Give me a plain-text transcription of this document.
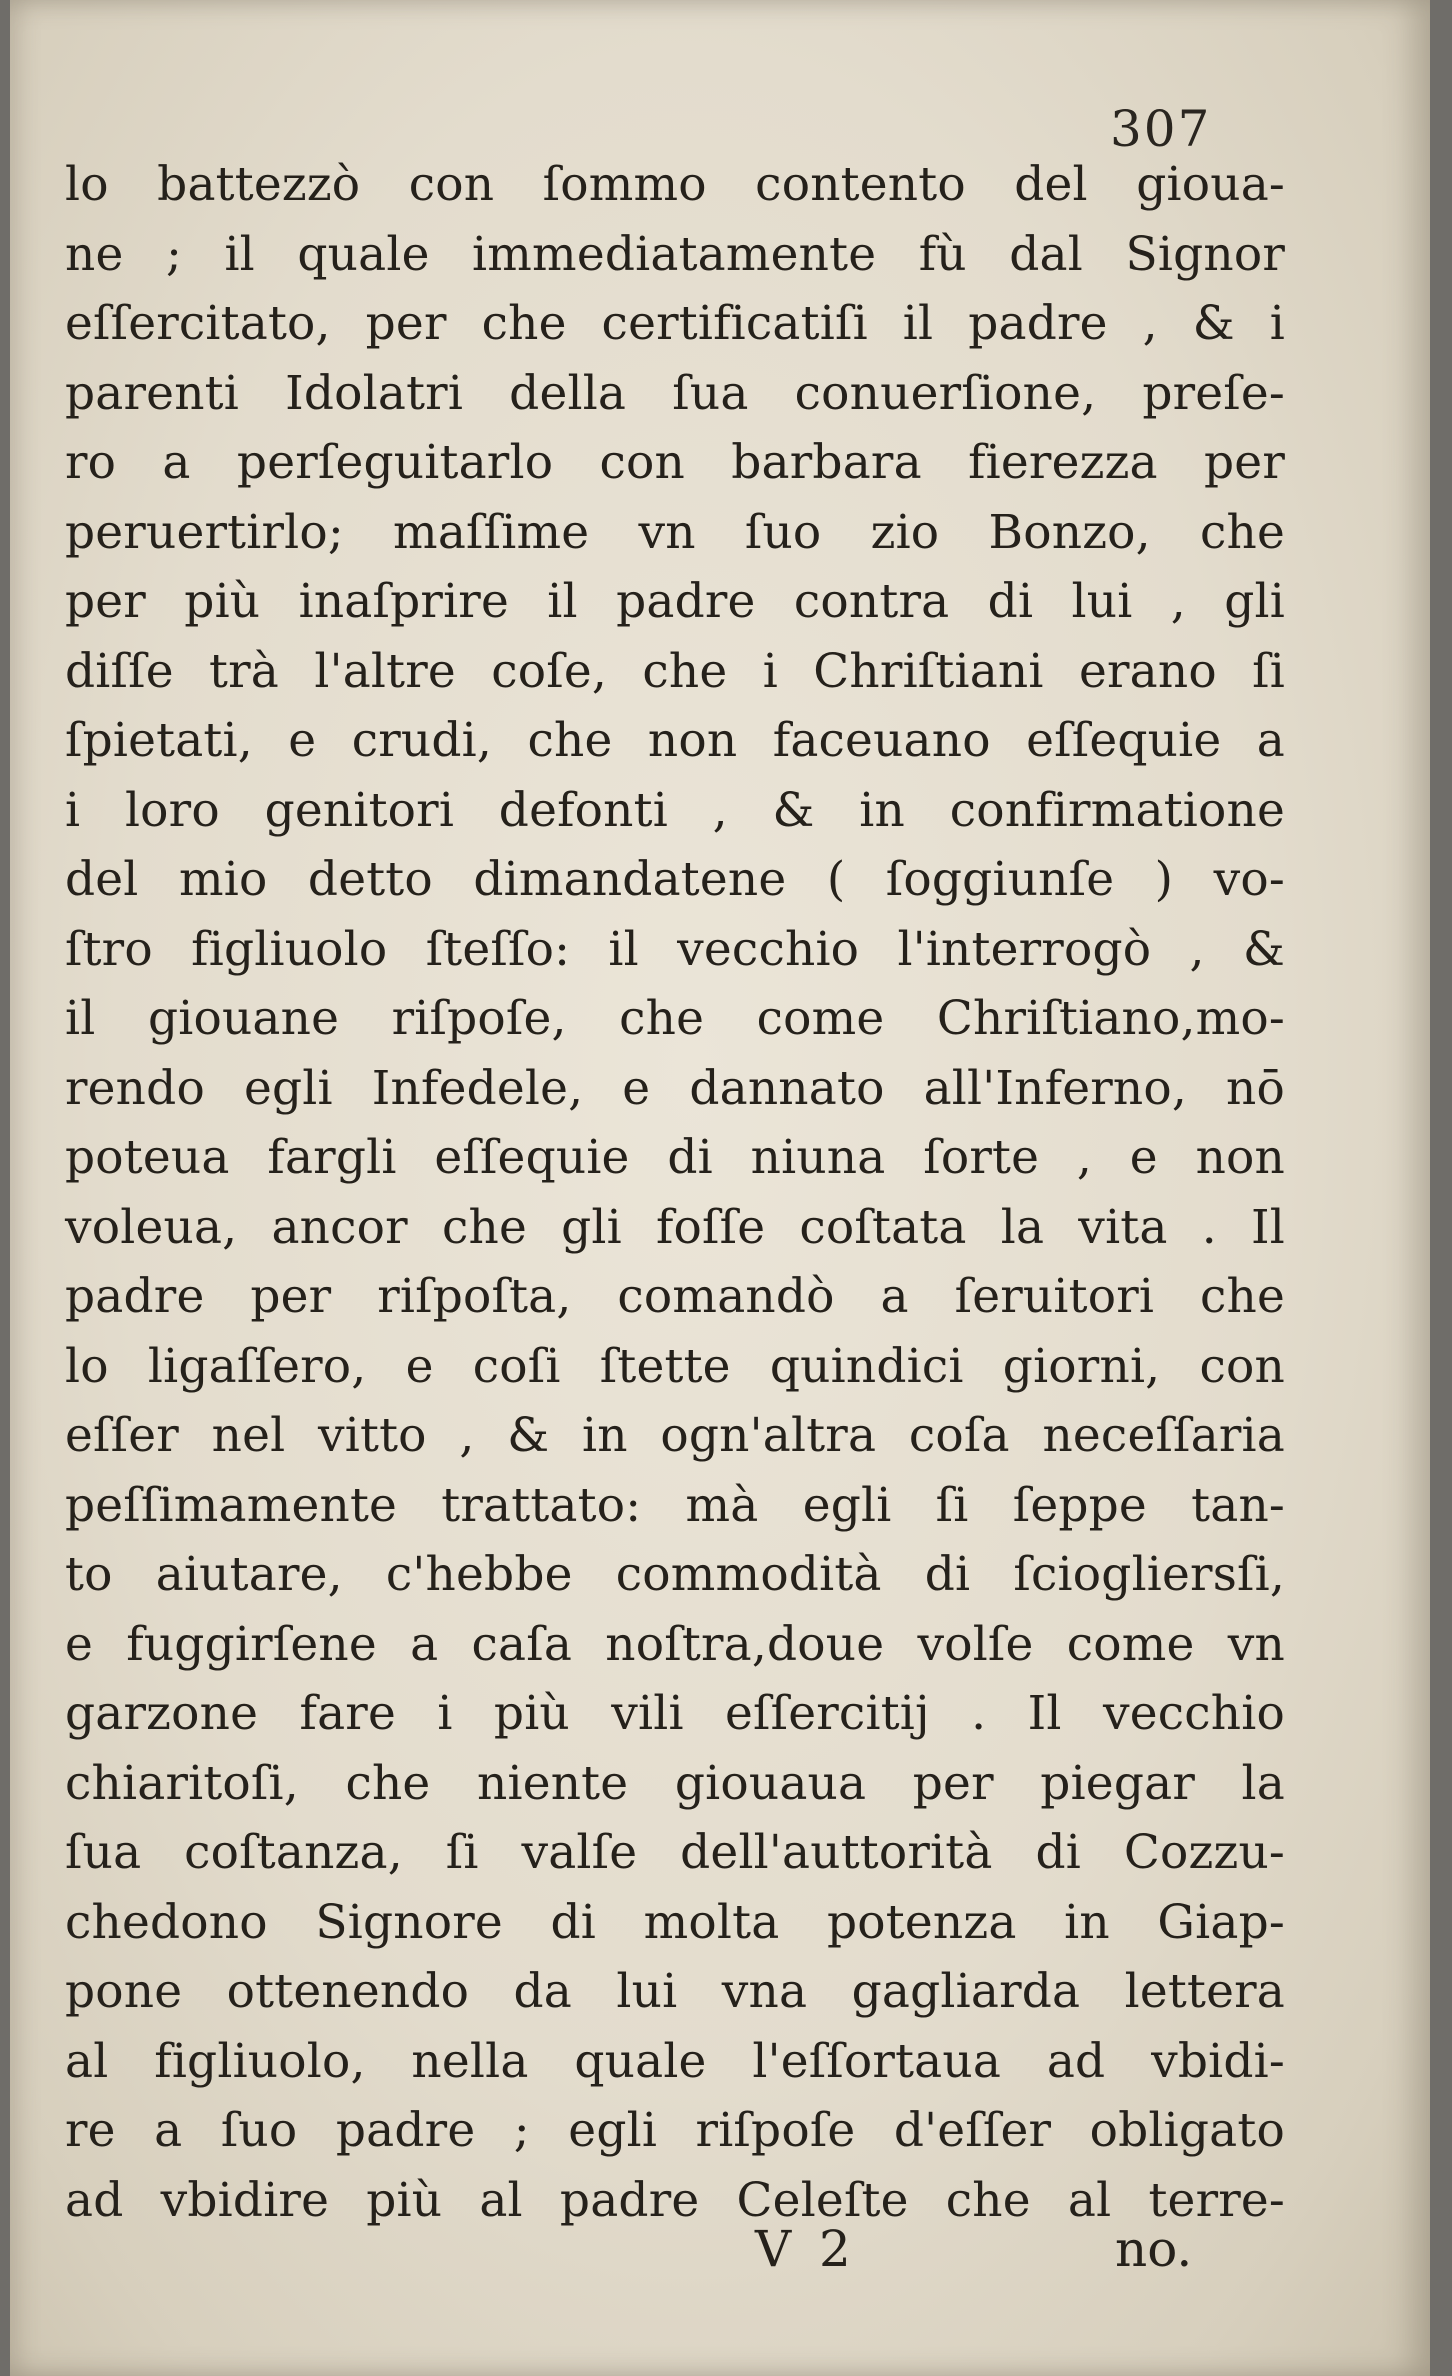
307
lo battezzò con ſommo contento del gioua-
ne ; il quale immediatamente fù dal Signor
eſſercitato, per che certificatiſi il padre , & i
parenti Idolatri della ſua conuerſione, preſe-
ro a perſeguitarlo con barbara fierezza per
peruertirlo; maſſime vn ſuo zio Bonzo, che
per più inaſprire il padre contra di lui , gli
diſſe trà l'altre coſe, che i Chriſtiani erano ſi
ſpietati, e crudi, che non faceuano eſſequie a
i loro genitori defonti , & in confirmatione
del mio detto dimandatene ( ſoggiunſe ) vo-
ſtro figliuolo ſteſſo: il vecchio l'interrogò , &
il giouane riſpoſe, che come Chriſtiano,mo-
rendo egli Infedele, e dannato all'Inferno, nō
poteua fargli eſſequie di niuna ſorte , e non
voleua, ancor che gli foſſe coſtata la vita . Il
padre per riſpoſta, comandò a ſeruitori che
lo ligaſſero, e coſi ſtette quindici giorni, con
eſſer nel vitto , & in ogn'altra coſa neceſſaria
peſſimamente trattato: mà egli ſi ſeppe tan-
to aiutare, c'hebbe commodità di ſciogliersſi,
e fuggirſene a caſa noſtra,doue volſe come vn
garzone fare i più vili eſſercitij . Il vecchio
chiaritoſi, che niente giouaua per piegar la
ſua coſtanza, ſi valſe dell'auttorità di Cozzu-
chedono Signore di molta potenza in Giap-
pone ottenendo da lui vna gagliarda lettera
al figliuolo, nella quale l'eſſortaua ad vbidi-
re a ſuo padre ; egli riſpoſe d'eſſer obligato
ad vbidire più al padre Celeſte che al terre-
V 2	no.
